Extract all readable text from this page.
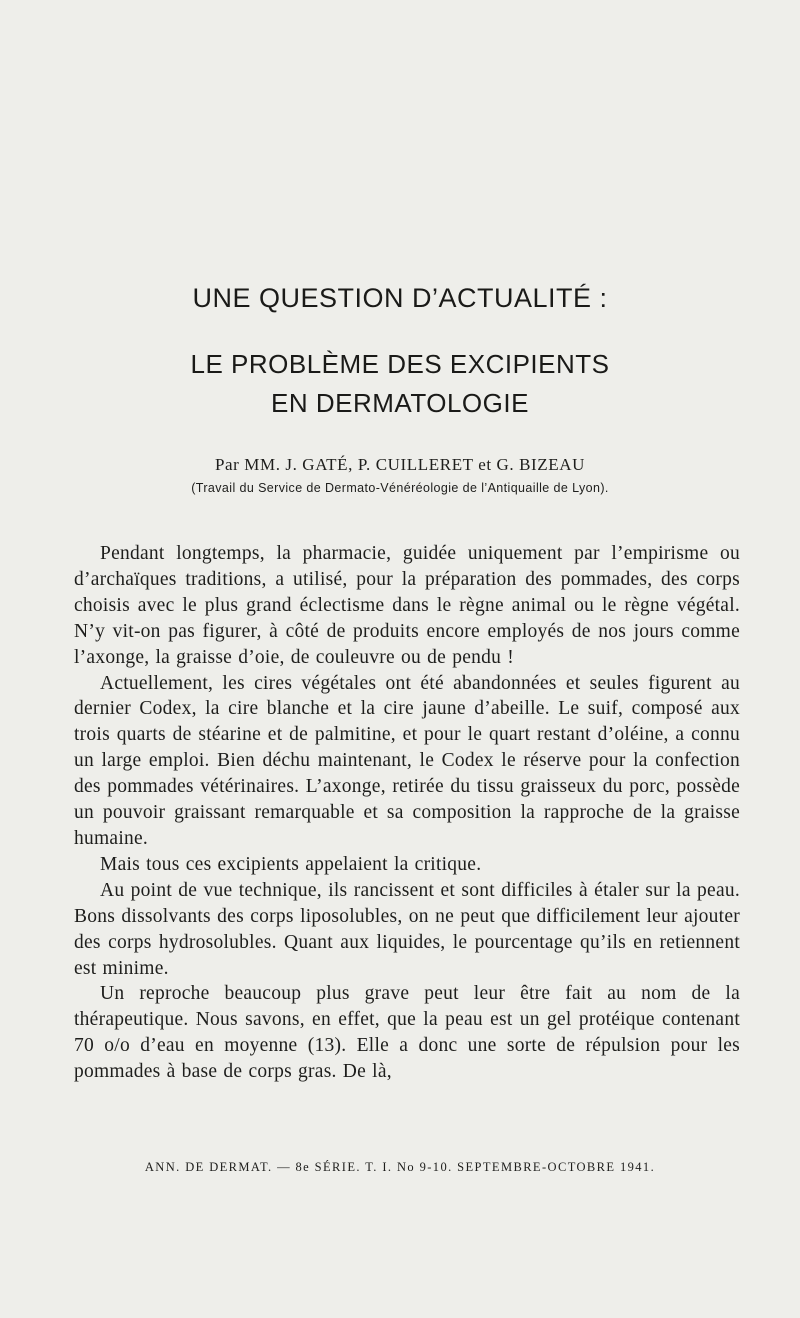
UNE QUESTION D’ACTUALITÉ :
LE PROBLÈME DES EXCIPIENTS
EN DERMATOLOGIE
Par MM. J. GATÉ, P. CUILLERET et G. BIZEAU
(Travail du Service de Dermato-Vénéréologie de l’Antiquaille de Lyon).

Pendant longtemps, la pharmacie, guidée uniquement par l’empirisme ou d’archaïques traditions, a utilisé, pour la préparation des pommades, des corps choisis avec le plus grand éclectisme dans le règne animal ou le règne végétal. N’y vit-on pas figurer, à côté de produits encore employés de nos jours comme l’axonge, la graisse d’oie, de couleuvre ou de pendu !

Actuellement, les cires végétales ont été abandonnées et seules figurent au dernier Codex, la cire blanche et la cire jaune d’abeille. Le suif, composé aux trois quarts de stéarine et de palmitine, et pour le quart restant d’oléine, a connu un large emploi. Bien déchu maintenant, le Codex le réserve pour la confection des pommades vétérinaires. L’axonge, retirée du tissu graisseux du porc, possède un pouvoir graissant remarquable et sa composition la rapproche de la graisse humaine.

Mais tous ces excipients appelaient la critique.

Au point de vue technique, ils rancissent et sont difficiles à étaler sur la peau. Bons dissolvants des corps liposolubles, on ne peut que difficilement leur ajouter des corps hydrosolubles. Quant aux liquides, le pourcentage qu’ils en retiennent est minime.

Un reproche beaucoup plus grave peut leur être fait au nom de la thérapeutique. Nous savons, en effet, que la peau est un gel protéique contenant 70 o/o d’eau en moyenne (13). Elle a donc une sorte de répulsion pour les pommades à base de corps gras. De là,

ANN. DE DERMAT. — 8e SÉRIE. T. I. No 9-10. SEPTEMBRE-OCTOBRE 1941.
